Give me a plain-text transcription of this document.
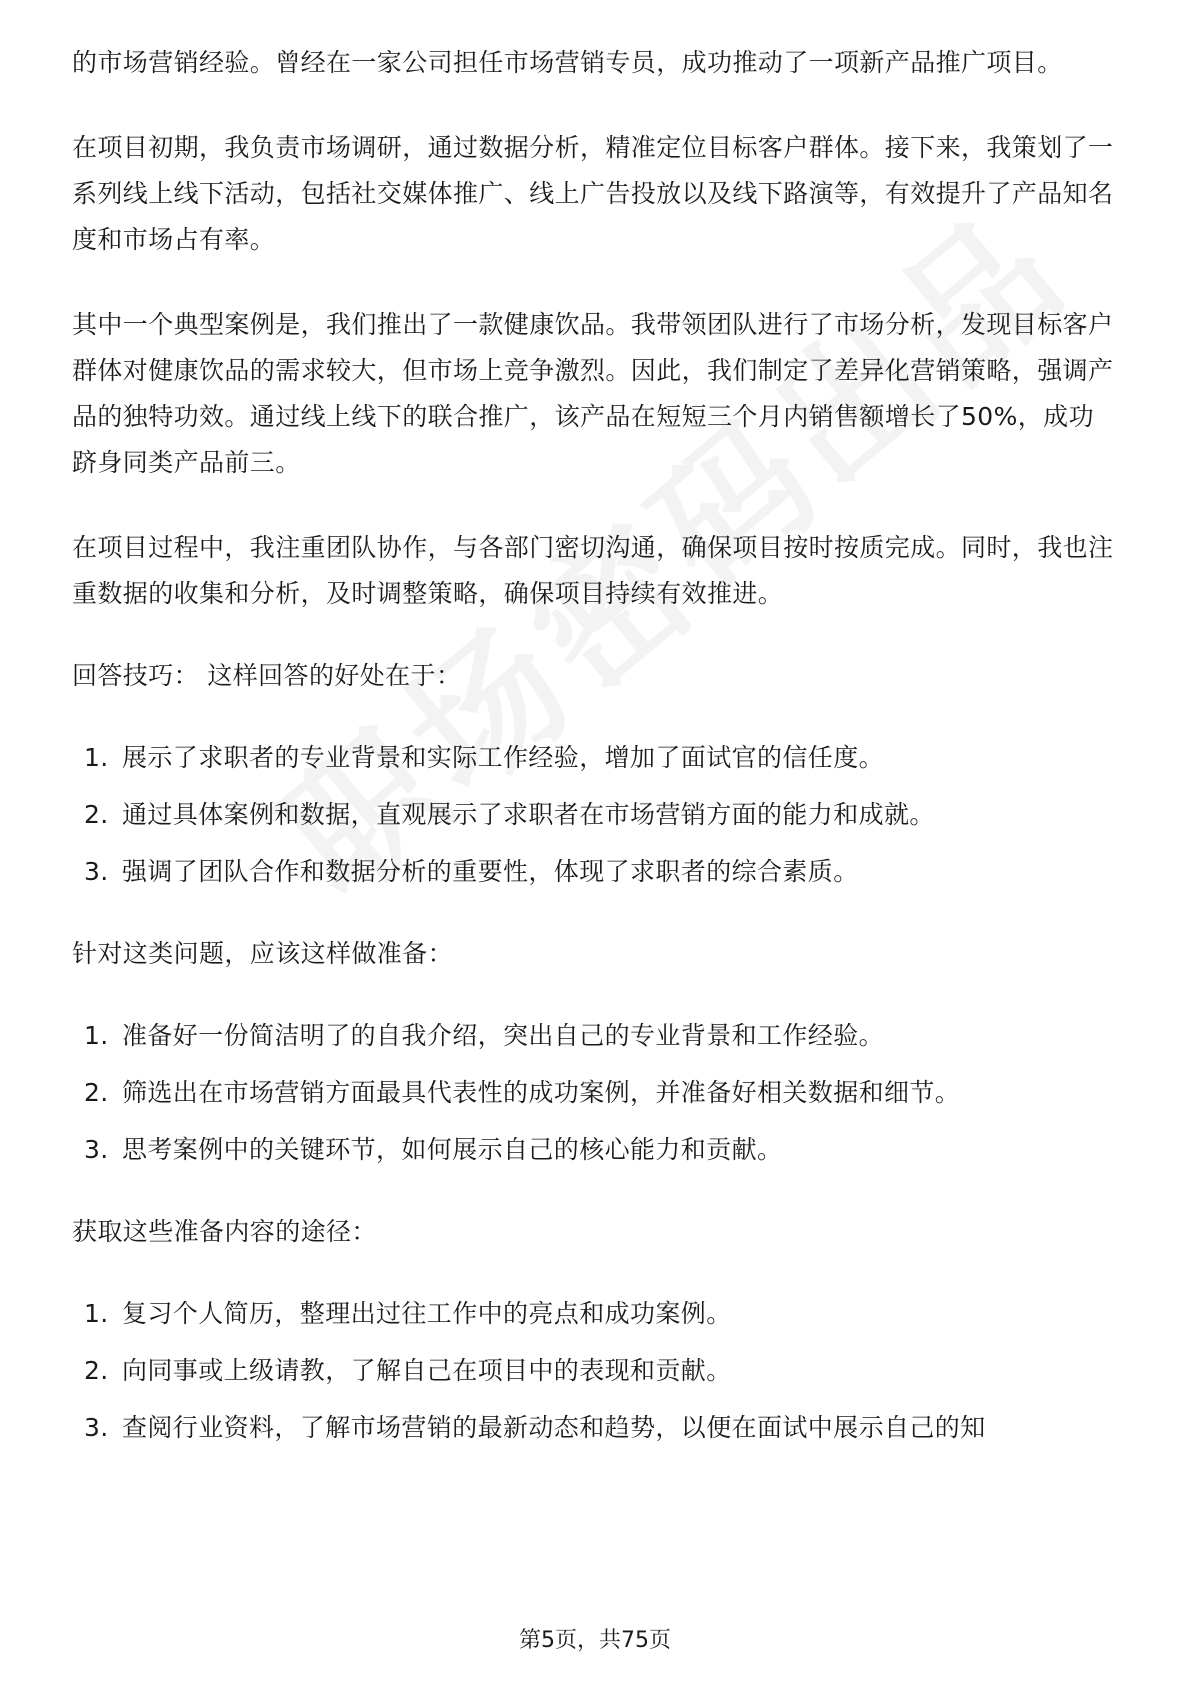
的市场营销经验。曾经在一家公司担任市场营销专员，成功推动了一项新产品推广项目。

在项目初期，我负责市场调研，通过数据分析，精准定位目标客户群体。接下来，我策划了一系列线上线下活动，包括社交媒体推广、线上广告投放以及线下路演等，有效提升了产品知名度和市场占有率。

其中一个典型案例是，我们推出了一款健康饮品。我带领团队进行了市场分析，发现目标客户群体对健康饮品的需求较大，但市场上竞争激烈。因此，我们制定了差异化营销策略，强调产品的独特功效。通过线上线下的联合推广，该产品在短短三个月内销售额增长了50%，成功跻身同类产品前三。

在项目过程中，我注重团队协作，与各部门密切沟通，确保项目按时按质完成。同时，我也注重数据的收集和分析，及时调整策略，确保项目持续有效推进。

回答技巧： 这样回答的好处在于：

1. 展示了求职者的专业背景和实际工作经验，增加了面试官的信任度。
2. 通过具体案例和数据，直观展示了求职者在市场营销方面的能力和成就。
3. 强调了团队合作和数据分析的重要性，体现了求职者的综合素质。

针对这类问题，应该这样做准备：

1. 准备好一份简洁明了的自我介绍，突出自己的专业背景和工作经验。
2. 筛选出在市场营销方面最具代表性的成功案例，并准备好相关数据和细节。
3. 思考案例中的关键环节，如何展示自己的核心能力和贡献。

获取这些准备内容的途径：

1. 复习个人简历，整理出过往工作中的亮点和成功案例。
2. 向同事或上级请教，了解自己在项目中的表现和贡献。
3. 查阅行业资料，了解市场营销的最新动态和趋势，以便在面试中展示自己的知
第5页，共75页
